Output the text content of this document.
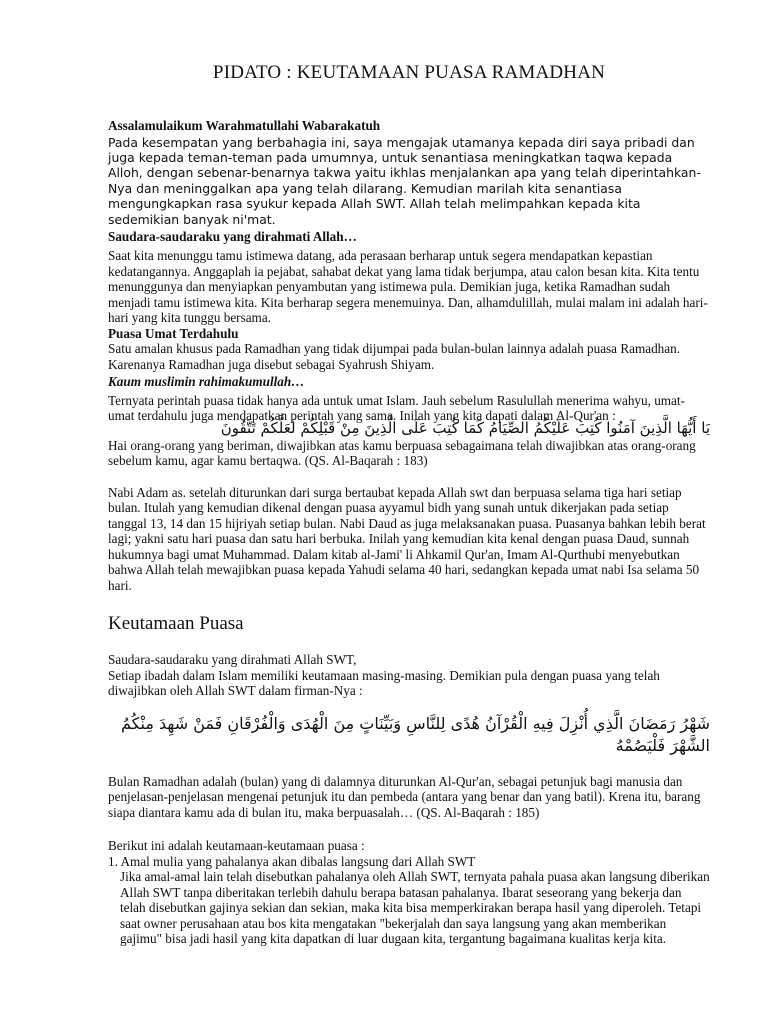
PIDATO : KEUTAMAAN PUASA RAMADHAN

Assalamulaikum Warahmatullahi Wabarakatuh

Pada kesempatan yang berbahagia ini, saya mengajak utamanya kepada diri saya pribadi dan juga kepada teman-teman pada umumnya, untuk senantiasa meningkatkan taqwa kepada Alloh, dengan sebenar-benarnya takwa yaitu ikhlas menjalankan apa yang telah diperintahkan-Nya dan meninggalkan apa yang telah dilarang. Kemudian marilah kita senantiasa mengungkapkan rasa syukur kepada Allah SWT. Allah telah melimpahkan kepada kita sedemikian banyak ni'mat.

Saudara-saudaraku yang dirahmati Allah…

Saat kita menunggu tamu istimewa datang, ada perasaan berharap untuk segera mendapatkan kepastian kedatangannya. Anggaplah ia pejabat, sahabat dekat yang lama tidak berjumpa, atau calon besan kita. Kita tentu menunggunya dan menyiapkan penyambutan yang istimewa pula. Demikian juga, ketika Ramadhan sudah menjadi tamu istimewa kita. Kita berharap segera menemuinya. Dan, alhamdulillah, mulai malam ini adalah hari-hari yang kita tunggu bersama.

Puasa Umat Terdahulu

Satu amalan khusus pada Ramadhan yang tidak dijumpai pada bulan-bulan lainnya adalah puasa Ramadhan. Karenanya Ramadhan juga disebut sebagai Syahrush Shiyam.

Kaum muslimin rahimakumullah…

Ternyata perintah puasa tidak hanya ada untuk umat Islam. Jauh sebelum Rasulullah menerima wahyu, umat-umat terdahulu juga mendapatkan perintah yang sama. Inilah yang kita dapati dalam Al-Qur'an :

يَا أَيُّهَا الَّذِينَ آمَنُوا كُتِبَ عَلَيْكُمُ الصِّيَامُ كَمَا كُتِبَ عَلَى الَّذِينَ مِنْ قَبْلِكُمْ لَعَلَّكُمْ تَتَّقُونَ

Hai orang-orang yang beriman, diwajibkan atas kamu berpuasa sebagaimana telah diwajibkan atas orang-orang sebelum kamu, agar kamu bertaqwa. (QS. Al-Baqarah : 183)

Nabi Adam as. setelah diturunkan dari surga bertaubat kepada Allah swt dan berpuasa selama tiga hari setiap bulan. Itulah yang kemudian dikenal dengan puasa ayyamul bidh yang sunah untuk dikerjakan pada setiap tanggal 13, 14 dan 15 hijriyah setiap bulan. Nabi Daud as juga melaksanakan puasa. Puasanya bahkan lebih berat lagi; yakni satu hari puasa dan satu hari berbuka. Inilah yang kemudian kita kenal dengan puasa Daud, sunnah hukumnya bagi umat Muhammad. Dalam kitab al-Jami' li Ahkamil Qur'an, Imam Al-Qurthubi menyebutkan bahwa Allah telah mewajibkan puasa kepada Yahudi selama 40 hari, sedangkan kepada umat nabi Isa selama 50 hari.

Keutamaan Puasa

Saudara-saudaraku yang dirahmati Allah SWT,

Setiap ibadah dalam Islam memiliki keutamaan masing-masing. Demikian pula dengan puasa yang telah diwajibkan oleh Allah SWT dalam firman-Nya :

شَهْرُ رَمَضَانَ الَّذِي أُنْزِلَ فِيهِ الْقُرْآنُ هُدًى لِلنَّاسِ وَبَيِّنَاتٍ مِنَ الْهُدَى وَالْفُرْقَانِ فَمَنْ شَهِدَ مِنْكُمُ الشَّهْرَ فَلْيَصُمْهُ

Bulan Ramadhan adalah (bulan) yang di dalamnya diturunkan Al-Qur'an, sebagai petunjuk bagi manusia dan penjelasan-penjelasan mengenai petunjuk itu dan pembeda (antara yang benar dan yang batil). Krena itu, barang siapa diantara kamu ada di bulan itu, maka berpuasalah… (QS. Al-Baqarah : 185)

Berikut ini adalah keutamaan-keutamaan puasa :

1. Amal mulia yang pahalanya akan dibalas langsung dari Allah SWT

Jika amal-amal lain telah disebutkan pahalanya oleh Allah SWT, ternyata pahala puasa akan langsung diberikan Allah SWT tanpa diberitakan terlebih dahulu berapa batasan pahalanya. Ibarat seseorang yang bekerja dan telah disebutkan gajinya sekian dan sekian, maka kita bisa memperkirakan berapa hasil yang diperoleh. Tetapi saat owner perusahaan atau bos kita mengatakan "bekerjalah dan saya langsung yang akan memberikan gajimu" bisa jadi hasil yang kita dapatkan di luar dugaan kita, tergantung bagaimana kualitas kerja kita.
